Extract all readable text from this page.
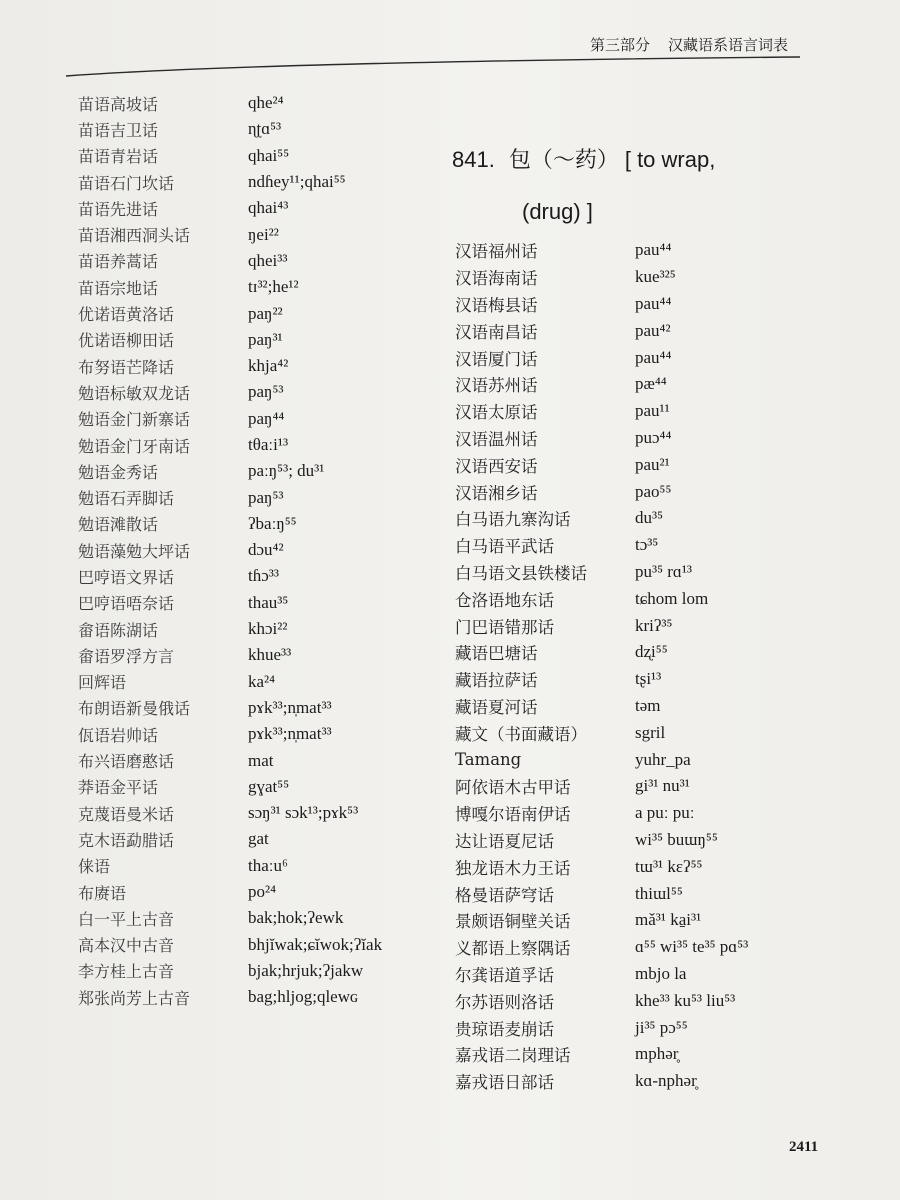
第三部分 汉藏语系语言词表
苗语高坡话	qhe²⁴
苗语吉卫话	ɳʈɑ⁵³
苗语青岩话	qhai⁵⁵
苗语石门坎话	ndɦey¹¹;qhai⁵⁵
苗语先进话	qhai⁴³
苗语湘西洞头话	ŋei²²
苗语养蒿话	qhei³³
苗语宗地话	tɪ³²;he¹²
优诺语黄洛话	paŋ²²
优诺语柳田话	paŋ³¹
布努语芒降话	khja⁴²
勉语标敏双龙话	paŋ⁵³
勉语金门新寨话	paŋ⁴⁴
勉语金门牙南话	tθaːi¹³
勉语金秀话	paːŋ⁵³; du³¹
勉语石弄脚话	paŋ⁵³
勉语滩散话	ʔbaːŋ⁵⁵
勉语藻勉大坪话	dɔu⁴²
巴哼语文界话	tɦɔ³³
巴哼语唔奈话	thau³⁵
畲语陈湖话	khɔi²²
畲语罗浮方言	khue³³
回辉语	ka²⁴
布朗语新曼俄话	pɤk³³;n̩mat³³
佤语岩帅话	pɤk³³;n̩mat³³
布兴语磨憨话	mat
莽语金平话	gɣat⁵⁵
克蔑语曼米话	sɔŋ³¹ sɔk¹³;pɤk⁵³
克木语勐腊话	gat
俫语	thaːu⁶
布赓语	po²⁴
白一平上古音	bak;hok;ʔewk
高本汉中古音	bhjĭwak;ɕĭwok;ʔĭak
李方桂上古音	bjak;hrjuk;ʔjakw
郑张尚芳上古音	bag;hljog;qlewɢ
841. 包（～药） [ to wrap,
(drug) ]
汉语福州话	pau⁴⁴
汉语海南话	kue³²⁵
汉语梅县话	pau⁴⁴
汉语南昌话	pau⁴²
汉语厦门话	pau⁴⁴
汉语苏州话	pæ⁴⁴
汉语太原话	pau¹¹
汉语温州话	puɔ⁴⁴
汉语西安话	pau²¹
汉语湘乡话	pao⁵⁵
白马语九寨沟话	du³⁵
白马语平武话	tɔ³⁵
白马语文县铁楼话	pu³⁵ rɑ¹³
仓洛语地东话	tɕhom lom
门巴语错那话	kriʔ³⁵
藏语巴塘话	dʐi⁵⁵
藏语拉萨话	tʂi¹³
藏语夏河话	təm
藏文（书面藏语）	sgril
Tamang	yuhr_pa
阿依语木古甲话	gi³¹ nu³¹
博嘎尔语南伊话	a puː puː
达让语夏尼话	wi³⁵ buɯŋ⁵⁵
独龙语木力王话	tɯ³¹ kɛʔ⁵⁵
格曼语萨穹话	thiɯl⁵⁵
景颇语铜壁关话	mǎ³¹ ka̱i³¹
义都语上察隅话	ɑ⁵⁵ wi³⁵ te³⁵ pɑ⁵³
尔龚语道孚话	mbjo la
尔苏语则洛话	khe³³ ku⁵³ liu⁵³
贵琼语麦崩话	ji³⁵ pɔ⁵⁵
嘉戎语二岗理话	mphər̥
嘉戎语日部话	kɑ-nphər̥
2411
